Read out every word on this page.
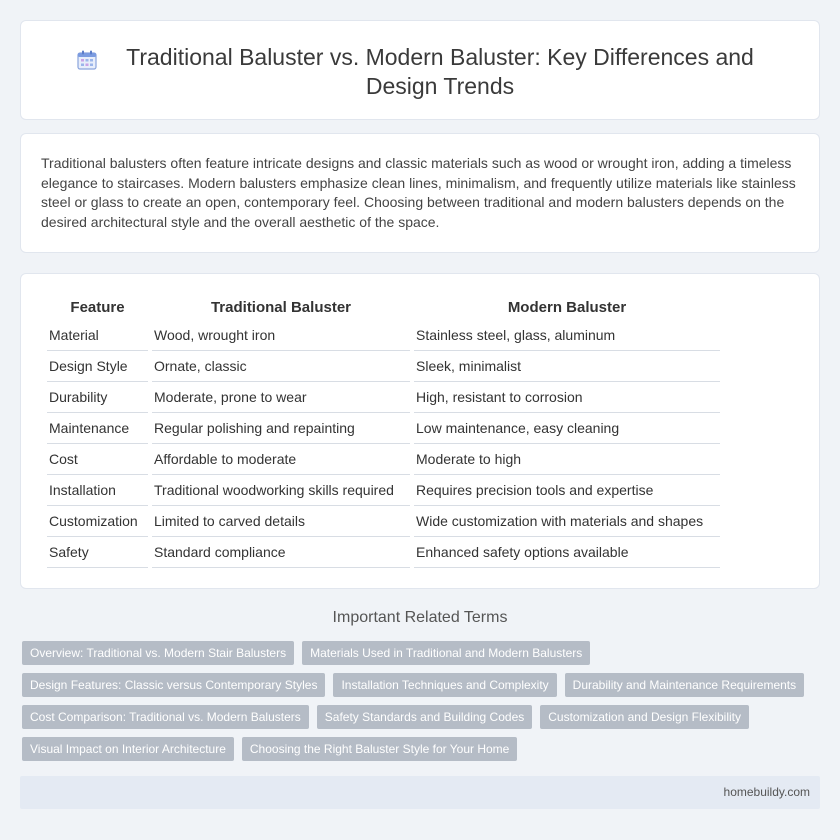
Traditional Baluster vs. Modern Baluster: Key Differences and Design Trends

Traditional balusters often feature intricate designs and classic materials such as wood or wrought iron, adding a timeless elegance to staircases. Modern balusters emphasize clean lines, minimalism, and frequently utilize materials like stainless steel or glass to create an open, contemporary feel. Choosing between traditional and modern balusters depends on the desired architectural style and the overall aesthetic of the space.

Feature	Traditional Baluster	Modern Baluster
Material	Wood, wrought iron	Stainless steel, glass, aluminum
Design Style	Ornate, classic	Sleek, minimalist
Durability	Moderate, prone to wear	High, resistant to corrosion
Maintenance	Regular polishing and repainting	Low maintenance, easy cleaning
Cost	Affordable to moderate	Moderate to high
Installation	Traditional woodworking skills required	Requires precision tools and expertise
Customization	Limited to carved details	Wide customization with materials and shapes
Safety	Standard compliance	Enhanced safety options available
Important Related Terms
Overview: Traditional vs. Modern Stair Balusters	Materials Used in Traditional and Modern Balusters
Design Features: Classic versus Contemporary Styles	Installation Techniques and Complexity	Durability and Maintenance Requirements
Cost Comparison: Traditional vs. Modern Balusters	Safety Standards and Building Codes	Customization and Design Flexibility
Visual Impact on Interior Architecture	Choosing the Right Baluster Style for Your Home
homebuildy.com
